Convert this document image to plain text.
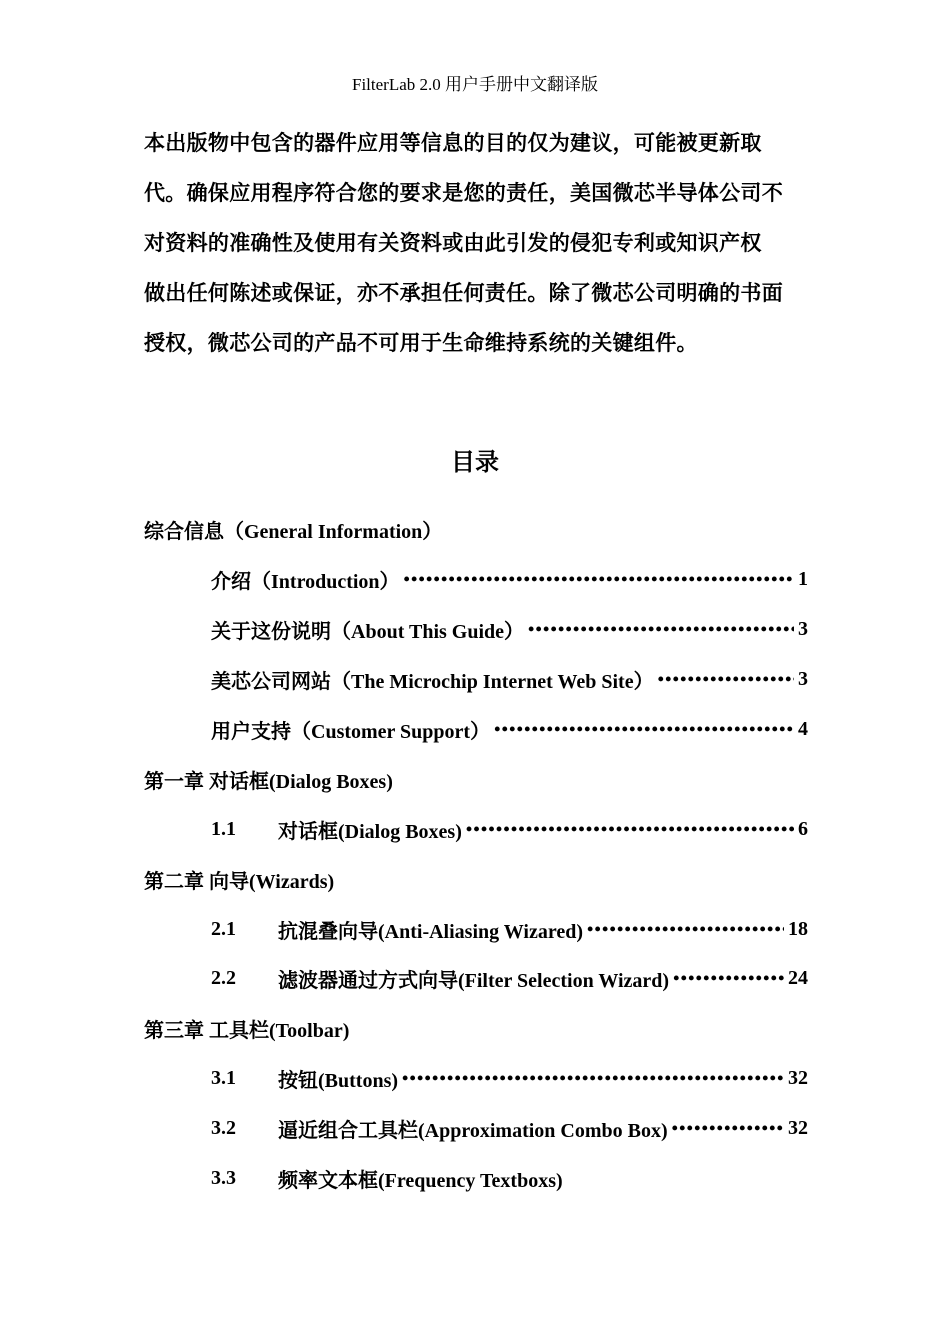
FilterLab 2.0 用户手册中文翻译版
本出版物中包含的器件应用等信息的目的仅为建议，可能被更新取
代。确保应用程序符合您的要求是您的责任，美国微芯半导体公司不
对资料的准确性及使用有关资料或由此引发的侵犯专利或知识产权
做出任何陈述或保证，亦不承担任何责任。除了微芯公司明确的书面
授权，微芯公司的产品不可用于生命维持系统的关键组件。
目录
综合信息（General Information）
介绍（Introduction） •••••	1
关于这份说明（About This Guide） •••••	3
美芯公司网站（The Microchip Internet Web Site） •••••	3
用户支持（Customer Support） •••••	4
第一章 对话框(Dialog Boxes)
1.1	对话框(Dialog Boxes) •••••	6
第二章 向导(Wizards)
2.1	抗混叠向导(Anti-Aliasing Wizared) •••••	18
2.2	滤波器通过方式向导(Filter Selection Wizard) •••••	24
第三章 工具栏(Toolbar)
3.1	按钮(Buttons) •••••	32
3.2	逼近组合工具栏(Approximation Combo Box) •••••	32
3.3	频率文本框(Frequency Textboxs)
